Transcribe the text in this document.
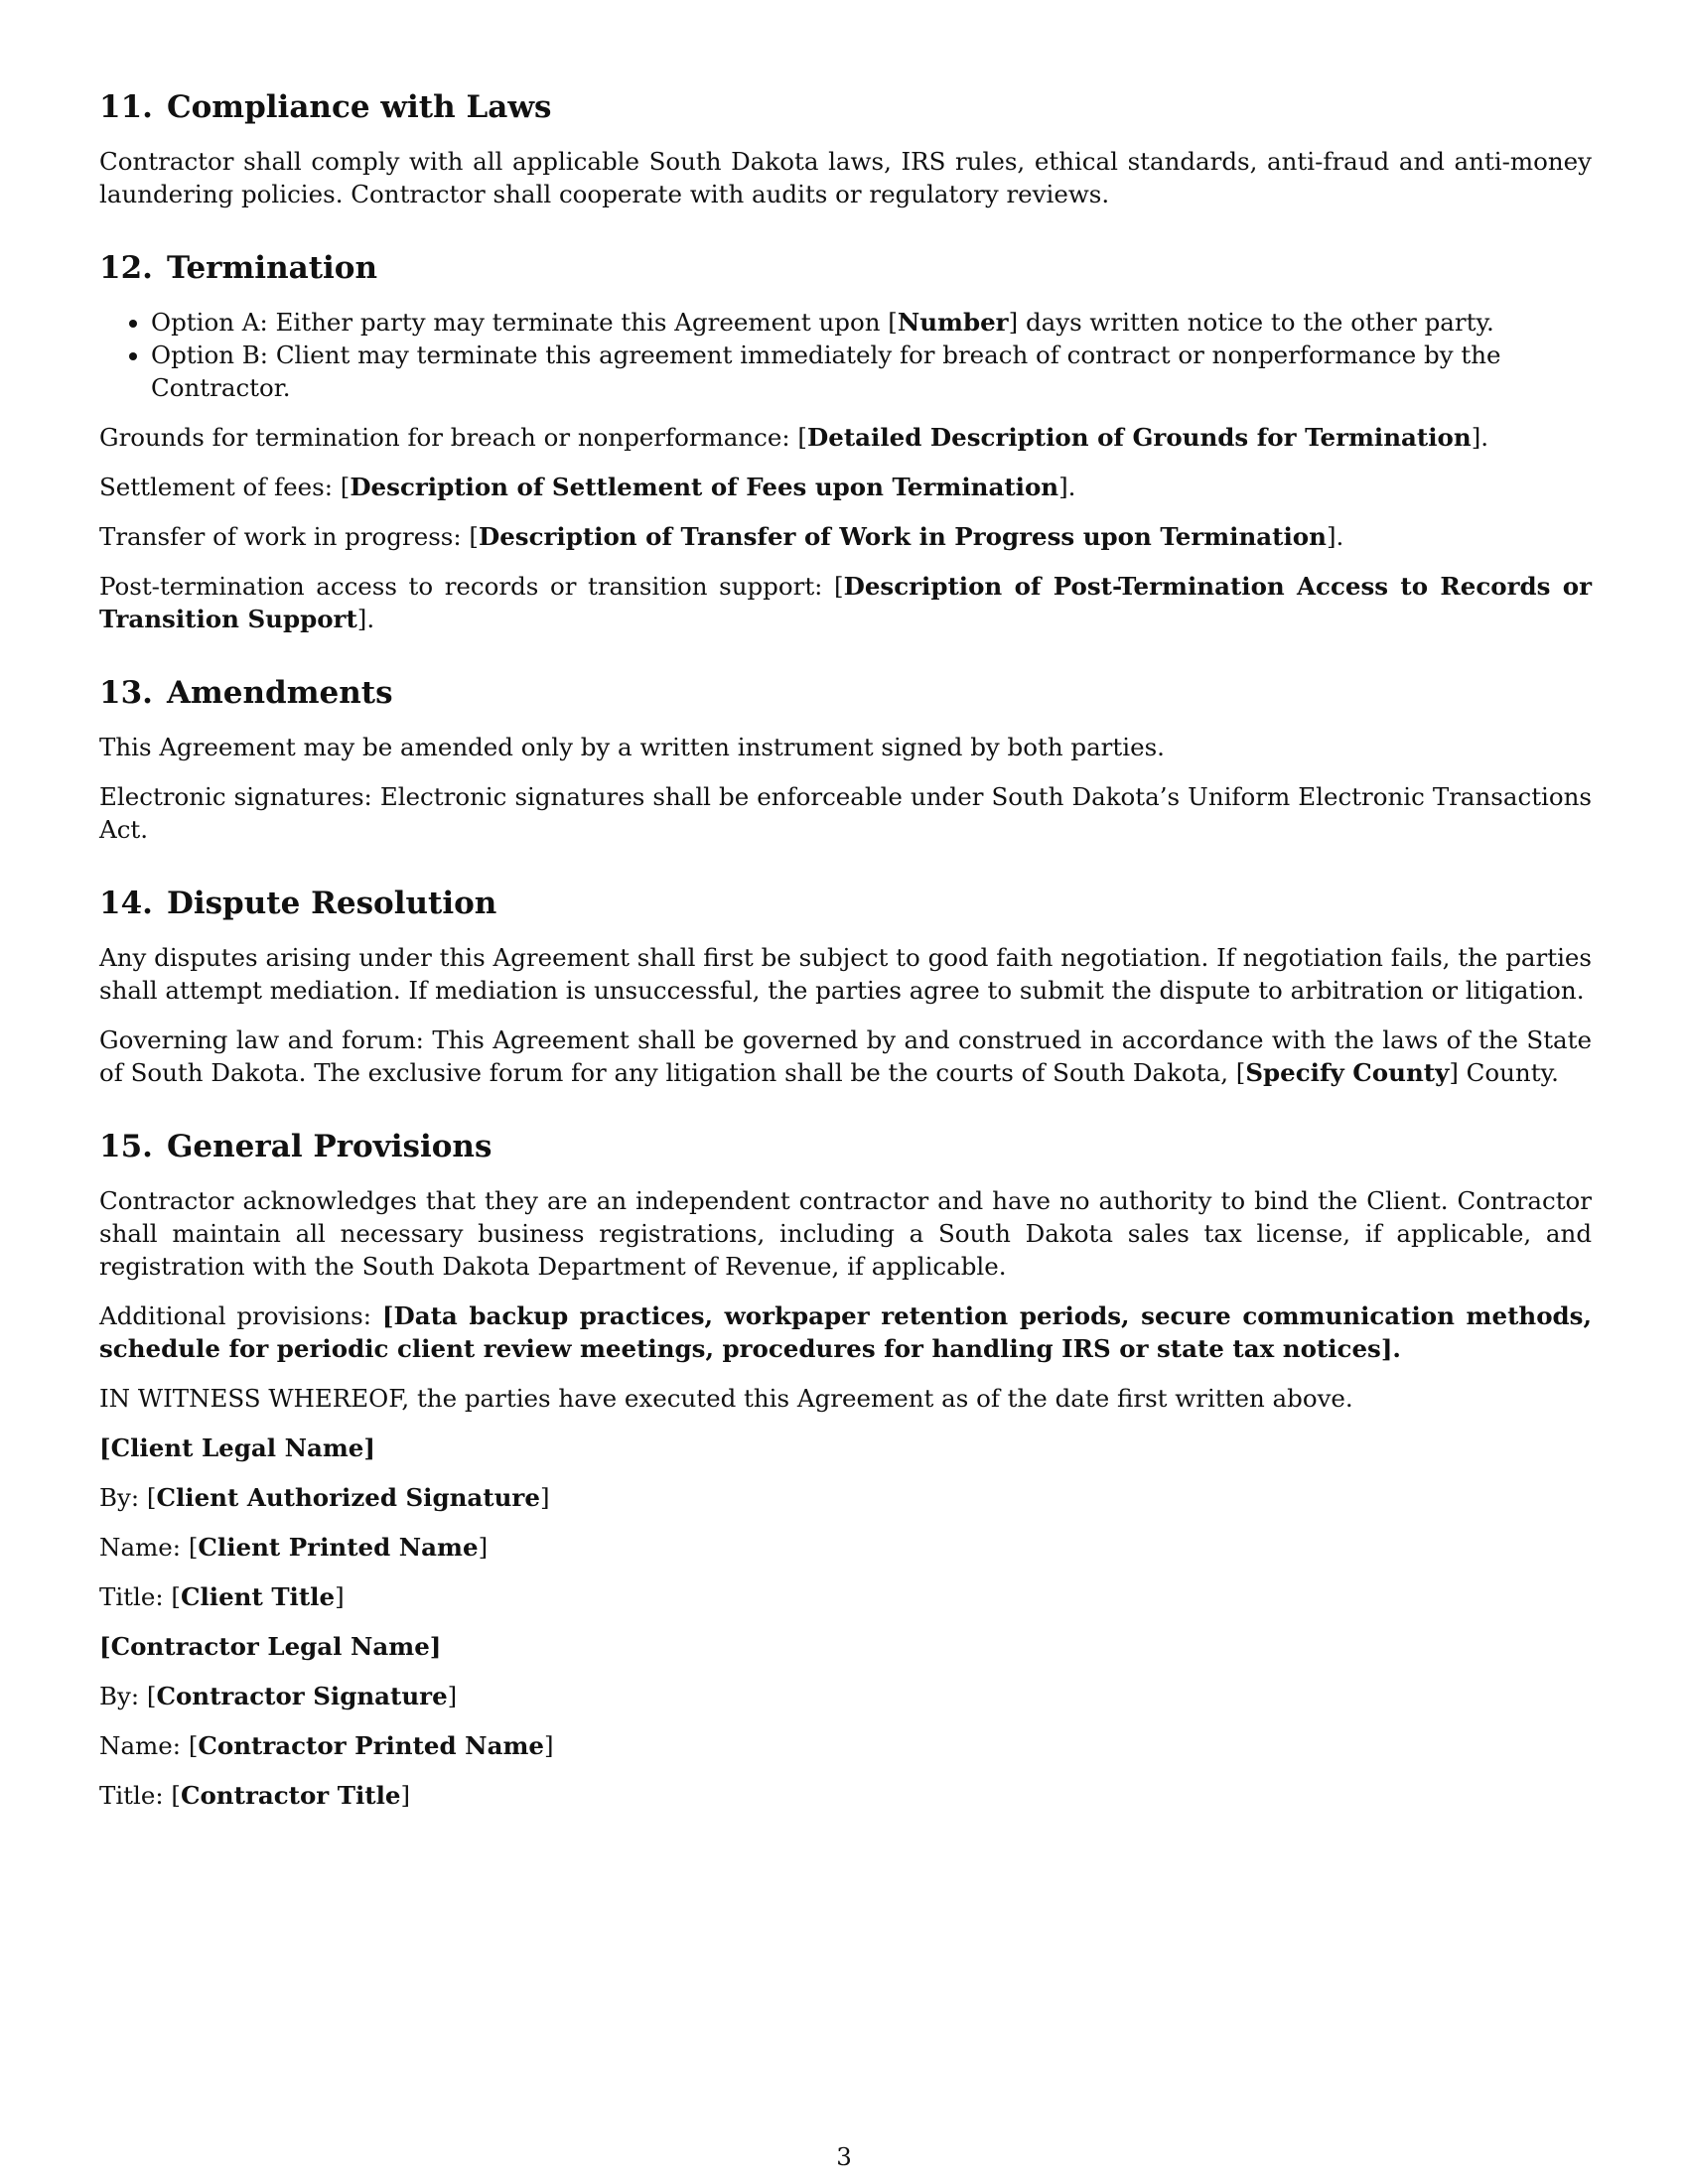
11. Compliance with Laws

Contractor shall comply with all applicable South Dakota laws, IRS rules, ethical standards, anti-fraud and anti-money laundering policies. Contractor shall cooperate with audits or regulatory reviews.

12. Termination
• Option A: Either party may terminate this Agreement upon [Number] days written notice to the other party.
• Option B: Client may terminate this agreement immediately for breach of contract or nonperformance by the Contractor.

Grounds for termination for breach or nonperformance: [Detailed Description of Grounds for Termination].

Settlement of fees: [Description of Settlement of Fees upon Termination].

Transfer of work in progress: [Description of Transfer of Work in Progress upon Termination].

Post-termination access to records or transition support: [Description of Post-Termination Access to Records or Transition Support].

13. Amendments

This Agreement may be amended only by a written instrument signed by both parties.

Electronic signatures: Electronic signatures shall be enforceable under South Dakota’s Uniform Electronic Transactions Act.

14. Dispute Resolution

Any disputes arising under this Agreement shall first be subject to good faith negotiation. If negotiation fails, the parties shall attempt mediation. If mediation is unsuccessful, the parties agree to submit the dispute to arbitration or litigation.

Governing law and forum: This Agreement shall be governed by and construed in accordance with the laws of the State of South Dakota. The exclusive forum for any litigation shall be the courts of South Dakota, [Specify County] County.

15. General Provisions

Contractor acknowledges that they are an independent contractor and have no authority to bind the Client. Contractor shall maintain all necessary business registrations, including a South Dakota sales tax license, if applicable, and registration with the South Dakota Department of Revenue, if applicable.

Additional provisions: [Data backup practices, workpaper retention periods, secure communication methods, schedule for periodic client review meetings, procedures for handling IRS or state tax notices].

IN WITNESS WHEREOF, the parties have executed this Agreement as of the date first written above.

[Client Legal Name]

By: [Client Authorized Signature]

Name: [Client Printed Name]

Title: [Client Title]

[Contractor Legal Name]

By: [Contractor Signature]

Name: [Contractor Printed Name]

Title: [Contractor Title]

3
